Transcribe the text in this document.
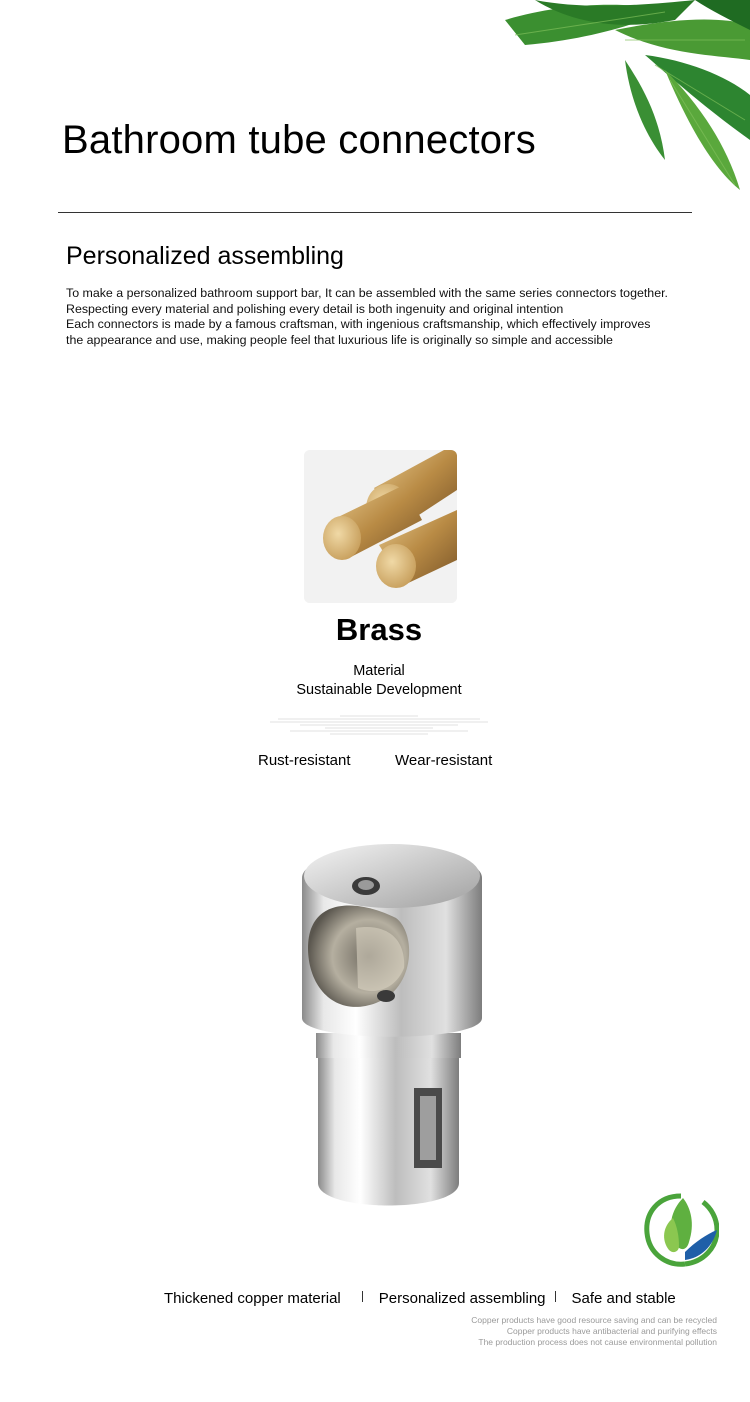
Bathroom tube connectors
Personalized assembling
To make a personalized bathroom support bar, It can be assembled with the same series connectors together.
Respecting every material and polishing every detail is both ingenuity and original intention
Each connectors is made by a famous craftsman, with ingenious craftsmanship, which effectively improves
the appearance and use, making people feel that luxurious life is originally so simple and accessible
Brass
Material
Sustainable Development
Rust-resistant	Wear-resistant
Thickened copper material	Personalized assembling Safe and stable
Copper products have good resource saving and can be recycled
Copper products have antibacterial and purifying effects
The production process does not cause environmental pollution
